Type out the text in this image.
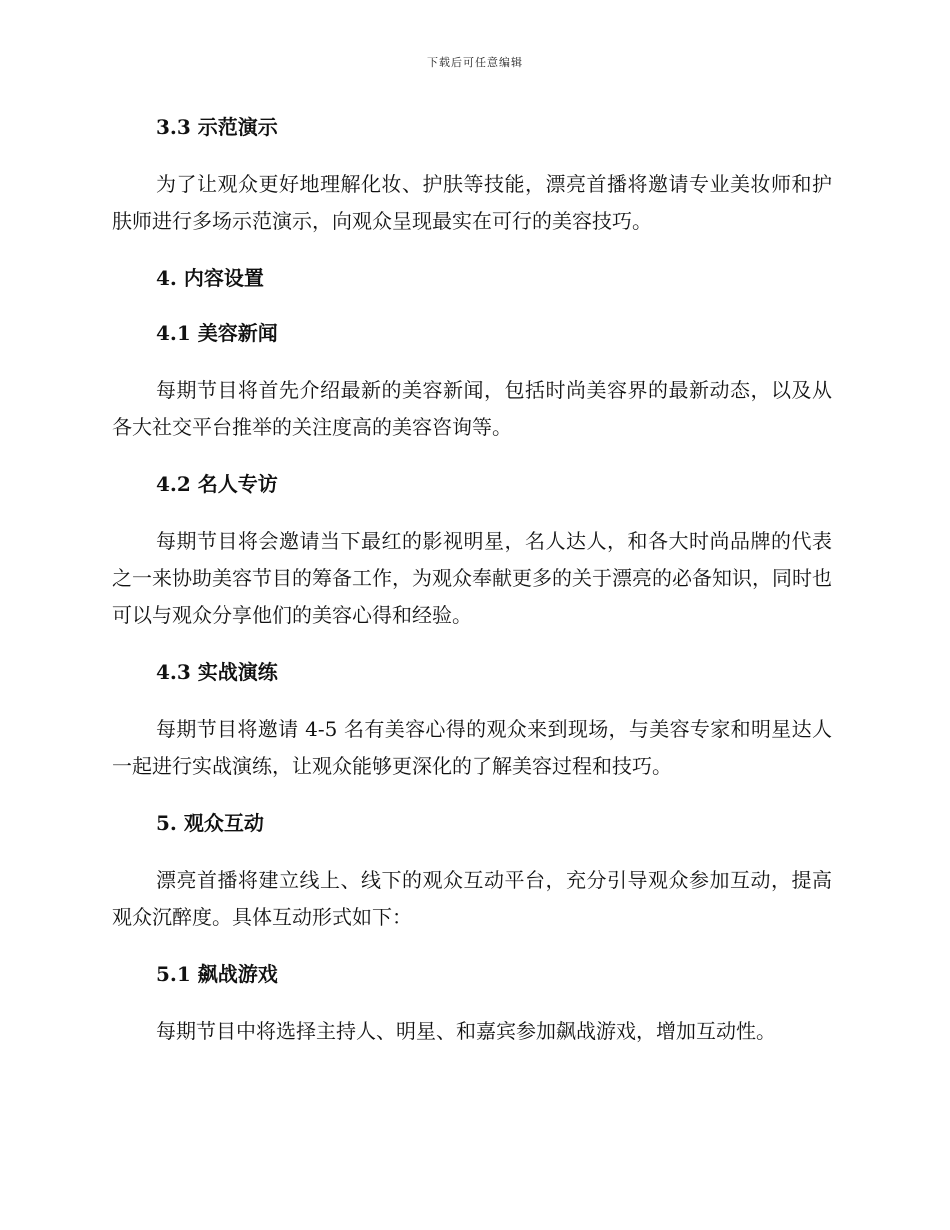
下载后可任意编辑
3.3 示范演示

为了让观众更好地理解化妆、护肤等技能，漂亮首播将邀请专业美妆师和护肤师进行多场示范演示，向观众呈现最实在可行的美容技巧。

4. 内容设置
4.1 美容新闻

每期节目将首先介绍最新的美容新闻，包括时尚美容界的最新动态，以及从各大社交平台推举的关注度高的美容咨询等。

4.2 名人专访

每期节目将会邀请当下最红的影视明星，名人达人，和各大时尚品牌的代表之一来协助美容节目的筹备工作，为观众奉献更多的关于漂亮的必备知识，同时也可以与观众分享他们的美容心得和经验。

4.3 实战演练

每期节目将邀请 4-5 名有美容心得的观众来到现场，与美容专家和明星达人一起进行实战演练，让观众能够更深化的了解美容过程和技巧。

5. 观众互动

漂亮首播将建立线上、线下的观众互动平台，充分引导观众参加互动，提高观众沉醉度。具体互动形式如下：

5.1 飙战游戏

每期节目中将选择主持人、明星、和嘉宾参加飙战游戏，增加互动性。
